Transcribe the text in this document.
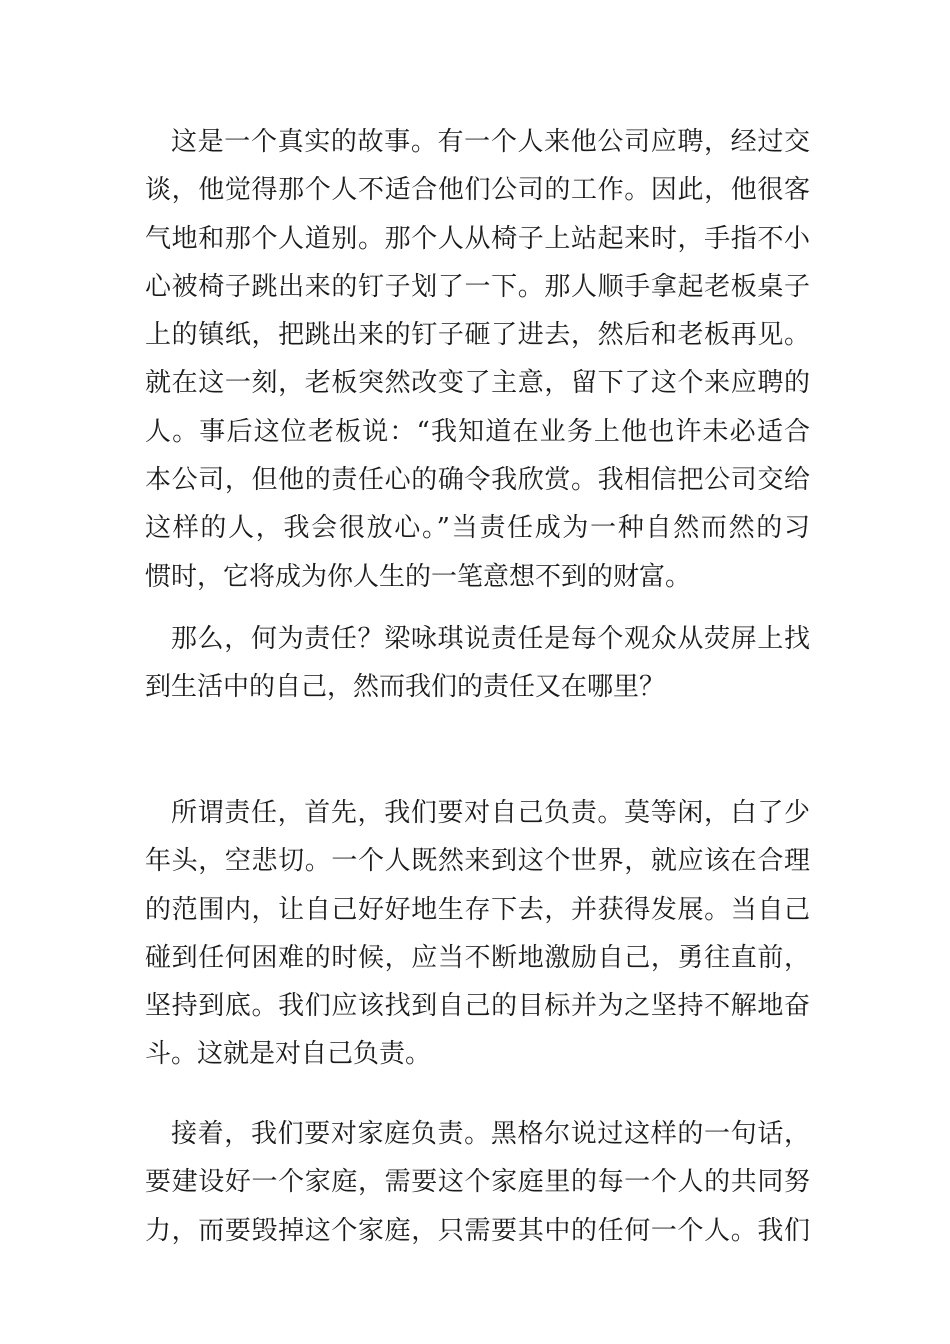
这是一个真实的故事。有一个人来他公司应聘，经过交
谈，他觉得那个人不适合他们公司的工作。因此，他很客
气地和那个人道别。那个人从椅子上站起来时，手指不小
心被椅子跳出来的钉子划了一下。那人顺手拿起老板桌子
上的镇纸，把跳出来的钉子砸了进去，然后和老板再见。
就在这一刻，老板突然改变了主意，留下了这个来应聘的
人。事后这位老板说：“我知道在业务上他也许未必适合
本公司，但他的责任心的确令我欣赏。我相信把公司交给
这样的人，我会很放心。”当责任成为一种自然而然的习
惯时，它将成为你人生的一笔意想不到的财富。
那么，何为责任？梁咏琪说责任是每个观众从荧屏上找
到生活中的自己，然而我们的责任又在哪里？
所谓责任，首先，我们要对自己负责。莫等闲，白了少
年头，空悲切。一个人既然来到这个世界，就应该在合理
的范围内，让自己好好地生存下去，并获得发展。当自己
碰到任何困难的时候，应当不断地激励自己，勇往直前，
坚持到底。我们应该找到自己的目标并为之坚持不解地奋
斗。这就是对自己负责。
接着，我们要对家庭负责。黑格尔说过这样的一句话，
要建设好一个家庭，需要这个家庭里的每一个人的共同努
力，而要毁掉这个家庭，只需要其中的任何一个人。我们
